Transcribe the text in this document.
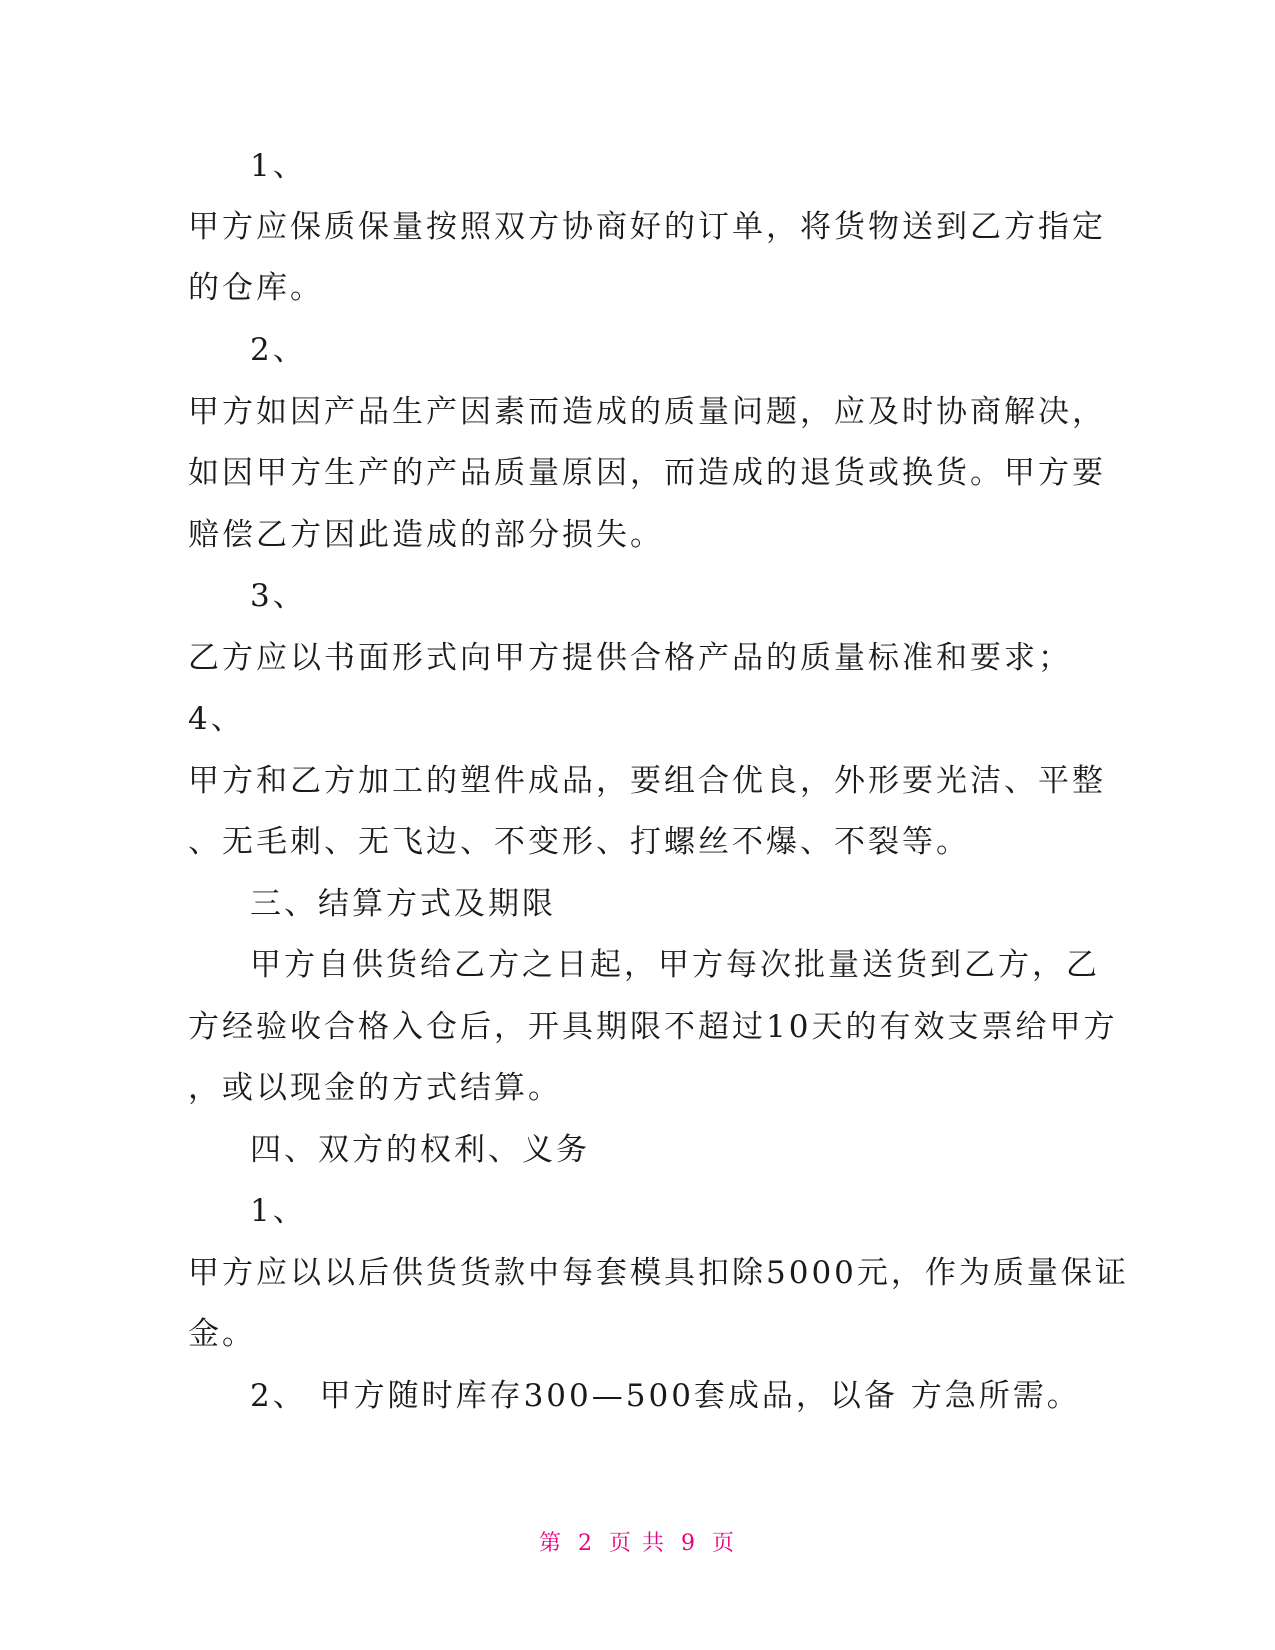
1、
甲方应保质保量按照双方协商好的订单，将货物送到乙方指定
的仓库。
2、
甲方如因产品生产因素而造成的质量问题，应及时协商解决，
如因甲方生产的产品质量原因，而造成的退货或换货。甲方要
赔偿乙方因此造成的部分损失。
3、
乙方应以书面形式向甲方提供合格产品的质量标准和要求；
4、
甲方和乙方加工的塑件成品，要组合优良，外形要光洁、平整
、无毛刺、无飞边、不变形、打螺丝不爆、不裂等。
三、结算方式及期限
甲方自供货给乙方之日起，甲方每次批量送货到乙方，乙
方经验收合格入仓后，开具期限不超过10天的有效支票给甲方
，或以现金的方式结算。
四、双方的权利、义务
1、
甲方应以以后供货货款中每套模具扣除5000元，作为质量保证
金。
2、 甲方随时库存300—500套成品，以备 方急所需。
第 2 页 共 9 页
